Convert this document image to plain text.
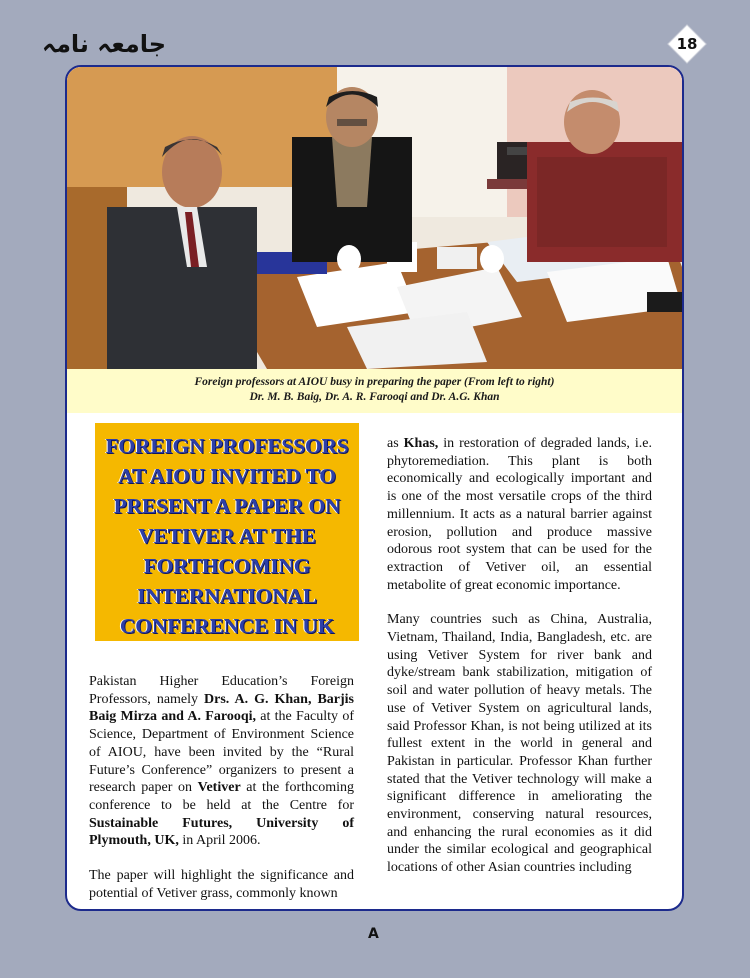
جامعہ نامہ	18
Foreign professors at AIOU busy in preparing the paper (From left to right)
Dr. M. B. Baig, Dr. A. R. Farooqi and Dr. A.G. Khan
FOREIGN PROFESSORS
AT AIOU INVITED TO
PRESENT A PAPER ON
VETIVER AT THE
FORTHCOMING
INTERNATIONAL
CONFERENCE IN UK

Pakistan Higher Education’s Foreign Professors, namely Drs. A. G. Khan, Barjis Baig Mirza and A. Farooqi, at the Faculty of Science, Department of Environment Science of AIOU, have been invited by the “Rural Future’s Conference” organizers to present a research paper on Vetiver at the forthcoming conference to be held at the Centre for Sustainable Futures, University of Plymouth, UK, in April 2006.

The paper will highlight the significance and potential of Vetiver grass, commonly known

as Khas, in restoration of degraded lands, i.e. phytoremediation. This plant is both economically and ecologically important and is one of the most versatile crops of the third millennium. It acts as a natural barrier against erosion, pollution and produce massive odorous root system that can be used for the extraction of Vetiver oil, an essential metabolite of great economic importance.

Many countries such as China, Australia, Vietnam, Thailand, India, Bangladesh, etc. are using Vetiver System for river bank and dyke/stream bank stabilization, mitigation of soil and water pollution of heavy metals. The use of Vetiver System on agricultural lands, said Professor Khan, is not being utilized at its fullest extent in the world in general and Pakistan in particular. Professor Khan further stated that the Vetiver technology will make a significant difference in ameliorating the environment, conserving natural resources, and enhancing the rural economies as it did under the similar ecological and geographical locations of other Asian countries including

A
